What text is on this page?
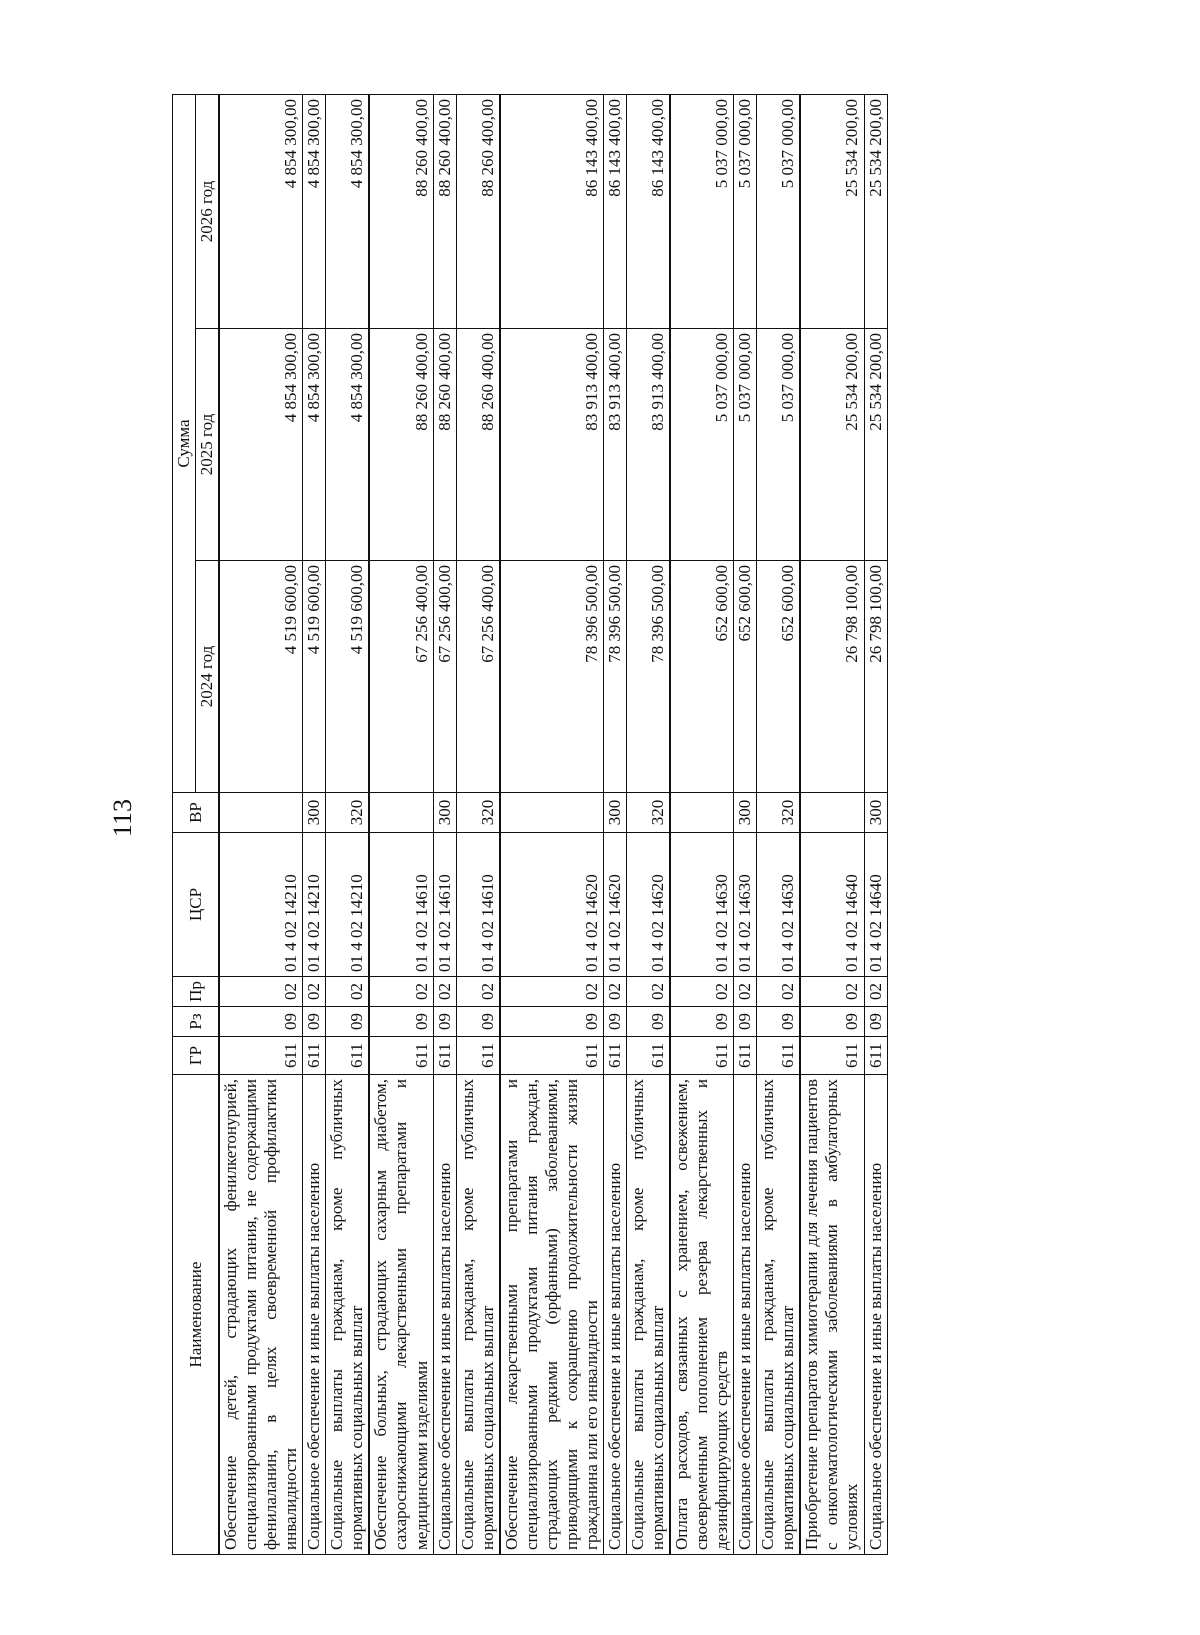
113
Наименование	ГР	Рз	Пр	ЦСР	ВР	Сумма		
						2024 год	2025 год	2026 год
Обеспечение детей, страдающих фенилкетонурией, специализированными продуктами питания, не содержащими фенилаланин, в целях своевременной профилактики инвалидности	611	09	02	01 4 02 14210		4 519 600,00	4 854 300,00	4 854 300,00
Социальное обеспечение и иные выплаты населению	611	09	02	01 4 02 14210	300	4 519 600,00	4 854 300,00	4 854 300,00
Социальные выплаты гражданам, кроме публичных нормативных социальных выплат	611	09	02	01 4 02 14210	320	4 519 600,00	4 854 300,00	4 854 300,00
Обеспечение больных, страдающих сахарным диабетом, сахароснижающими лекарственными препаратами и медицинскими изделиями	611	09	02	01 4 02 14610		67 256 400,00	88 260 400,00	88 260 400,00
Социальное обеспечение и иные выплаты населению	611	09	02	01 4 02 14610	300	67 256 400,00	88 260 400,00	88 260 400,00
Социальные выплаты гражданам, кроме публичных нормативных социальных выплат	611	09	02	01 4 02 14610	320	67 256 400,00	88 260 400,00	88 260 400,00
Обеспечение лекарственными препаратами и специализированными продуктами питания граждан, страдающих редкими (орфанными) заболеваниями, приводящими к сокращению продолжительности жизни гражданина или его инвалидности	611	09	02	01 4 02 14620		78 396 500,00	83 913 400,00	86 143 400,00
Социальное обеспечение и иные выплаты населению	611	09	02	01 4 02 14620	300	78 396 500,00	83 913 400,00	86 143 400,00
Социальные выплаты гражданам, кроме публичных нормативных социальных выплат	611	09	02	01 4 02 14620	320	78 396 500,00	83 913 400,00	86 143 400,00
Оплата расходов, связанных с хранением, освежением, своевременным пополнением резерва лекарственных и дезинфицирующих средств	611	09	02	01 4 02 14630		652 600,00	5 037 000,00	5 037 000,00
Социальное обеспечение и иные выплаты населению	611	09	02	01 4 02 14630	300	652 600,00	5 037 000,00	5 037 000,00
Социальные выплаты гражданам, кроме публичных нормативных социальных выплат	611	09	02	01 4 02 14630	320	652 600,00	5 037 000,00	5 037 000,00
Приобретение препаратов химиотерапии для лечения пациентов с онкогематологическими заболеваниями в амбулаторных условиях	611	09	02	01 4 02 14640		26 798 100,00	25 534 200,00	25 534 200,00
Социальное обеспечение и иные выплаты населению	611	09	02	01 4 02 14640	300	26 798 100,00	25 534 200,00	25 534 200,00
